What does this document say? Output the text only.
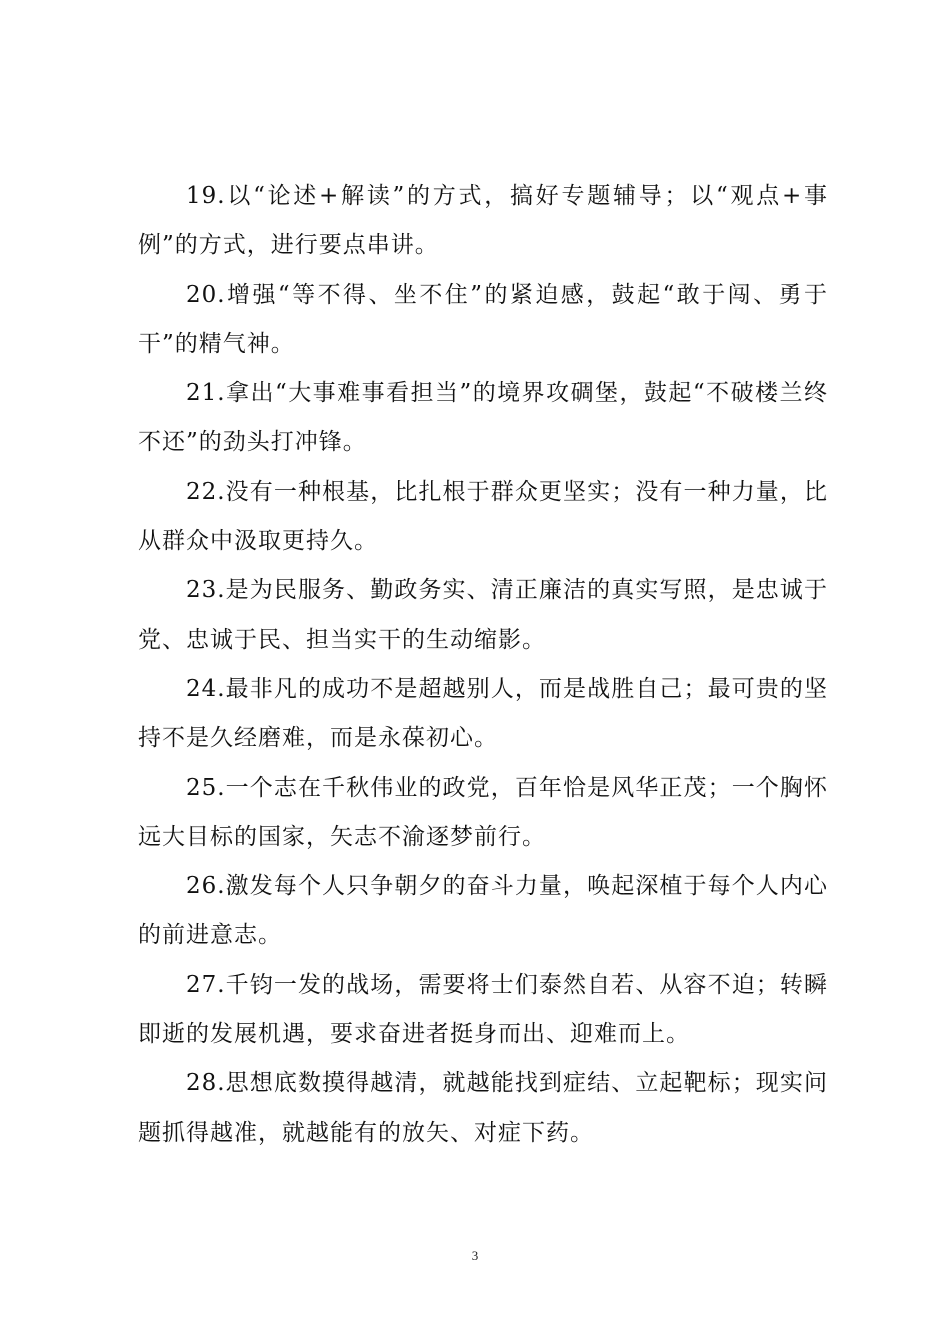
19.以“论述+解读”的方式，搞好专题辅导；以“观点+事例”的方式，进行要点串讲。

20.增强“等不得、坐不住”的紧迫感，鼓起“敢于闯、勇于干”的精气神。

21.拿出“大事难事看担当”的境界攻碉堡，鼓起“不破楼兰终不还”的劲头打冲锋。

22.没有一种根基，比扎根于群众更坚实；没有一种力量，比从群众中汲取更持久。

23.是为民服务、勤政务实、清正廉洁的真实写照，是忠诚于党、忠诚于民、担当实干的生动缩影。

24.最非凡的成功不是超越别人，而是战胜自己；最可贵的坚持不是久经磨难，而是永葆初心。

25.一个志在千秋伟业的政党，百年恰是风华正茂；一个胸怀远大目标的国家，矢志不渝逐梦前行。

26.激发每个人只争朝夕的奋斗力量，唤起深植于每个人内心的前进意志。

27.千钧一发的战场，需要将士们泰然自若、从容不迫；转瞬即逝的发展机遇，要求奋进者挺身而出、迎难而上。

28.思想底数摸得越清，就越能找到症结、立起靶标；现实问题抓得越准，就越能有的放矢、对症下药。

3
